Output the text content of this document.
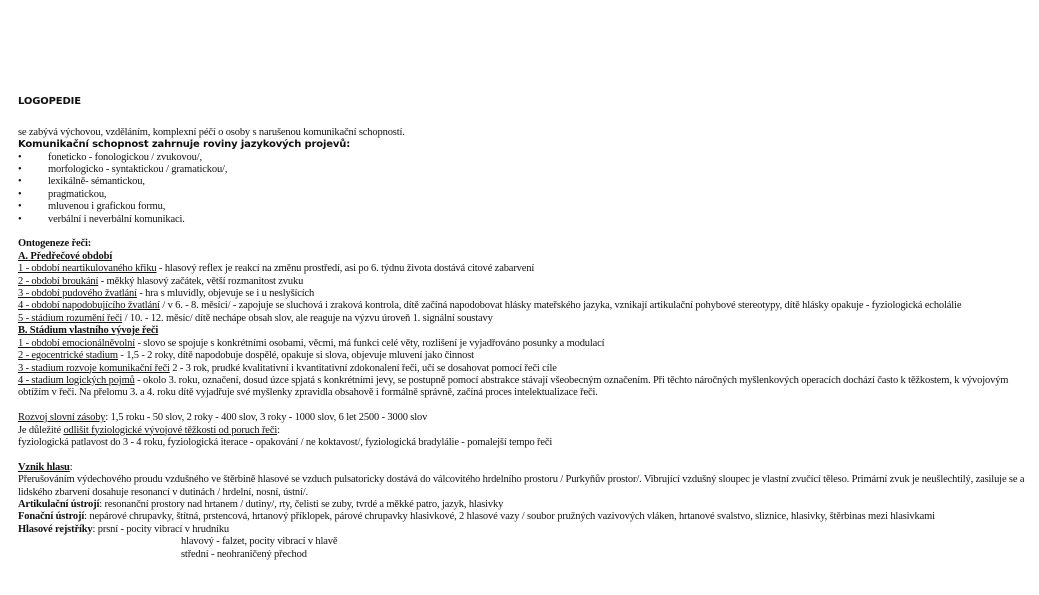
LOGOPEDIE

se zabývá výchovou, vzděláním, komplexní péčí o osoby s narušenou komunikační schopností.

Komunikační schopnost zahrnuje roviny jazykových projevů:

• foneticko - fonologickou / zvukovou/,
• morfologicko - syntaktickou / gramatickou/,
• lexikálně- sémantickou,
• pragmatickou,
• mluvenou i grafickou formu,
• verbální i neverbální komunikaci.

Ontogeneze řeči:

A. Předřečové období

1 - období neartikulovaného křiku - hlasový reflex je reakcí na změnu prostředí, asi po 6. týdnu života dostává citové zabarvení

2 - období broukání - měkký hlasový začátek, větší rozmanitost zvuku

3 - období pudového žvatlání - hra s mluvidly, objevuje se i u neslyšících

4 - období napodobujícího žvatlání / v 6. - 8. měsíci/ - zapojuje se sluchová i zraková kontrola, dítě začíná napodobovat hlásky mateřského jazyka, vznikají artikulační pohybové stereotypy, dítě hlásky opakuje - fyziologická echolálie

5 - stádium rozumění řeči / 10. - 12. měsíc/ dítě nechápe obsah slov, ale reaguje na výzvu úroveň 1. signální soustavy

B. Stádium vlastního vývoje řeči

1 - období emocionálněvolní - slovo se spojuje s konkrétními osobami, věcmi, má funkci celé věty, rozlišení je vyjadřováno posunky a modulací

2 - egocentrické stadium - 1,5 - 2 roky, dítě napodobuje dospělé, opakuje si slova, objevuje mluvení jako činnost

3 - stadium rozvoje komunikační řeči 2 - 3 rok, prudké kvalitativní i kvantitativní zdokonalení řeči, učí se dosahovat pomocí řeči cíle

4 - stadium logických pojmů - okolo 3. roku, označení, dosud úzce spjatá s konkrétními jevy, se postupně pomocí abstrakce stávají všeobecným označením. Při těchto náročných myšlenkových operacích dochází často k těžkostem, k vývojovým obtížím v řeči. Na přelomu 3. a 4. roku dítě vyjadřuje své myšlenky zpravidla obsahově i formálně správně, začíná proces intelektualizace řeči.

Rozvoj slovní zásoby: 1,5 roku - 50 slov, 2 roky - 400 slov, 3 roky - 1000 slov, 6 let 2500 - 3000 slov

Je důležité odlišit fyziologické vývojové těžkosti od poruch řeči:

fyziologická patlavost do 3 - 4 roku, fyziologická iterace - opakování / ne koktavost/, fyziologická bradylálie - pomalejší tempo řeči

Vznik hlasu:

Přerušováním výdechového proudu vzdušného ve štěrbině hlasové se vzduch pulsatoricky dostává do válcovitého hrdelního prostoru / Purkyňův prostor/. Vibrující vzdušný sloupec je vlastní zvučící těleso. Primární zvuk je neušlechtilý, zasiluje se a lidského zbarvení dosahuje resonancí v dutinách / hrdelní, nosní, ústní/.

Artikulační ústrojí: resonanční prostory nad hrtanem / dutiny/, rty, čelisti se zuby, tvrdé a měkké patro, jazyk, hlasivky

Fonační ústrojí: nepárové chrupavky, štítná, prstencová, hrtanový příklopek, párové chrupavky hlasivkové, 2 hlasové vazy / soubor pružných vazivových vláken, hrtanové svalstvo, sliznice, hlasivky, štěrbinas mezi hlasivkami

Hlasové rejstříky: prsní - pocity vibrací v hrudníku

hlavový - falzet, pocity vibrací v hlavě

střední - neohraničený přechod
